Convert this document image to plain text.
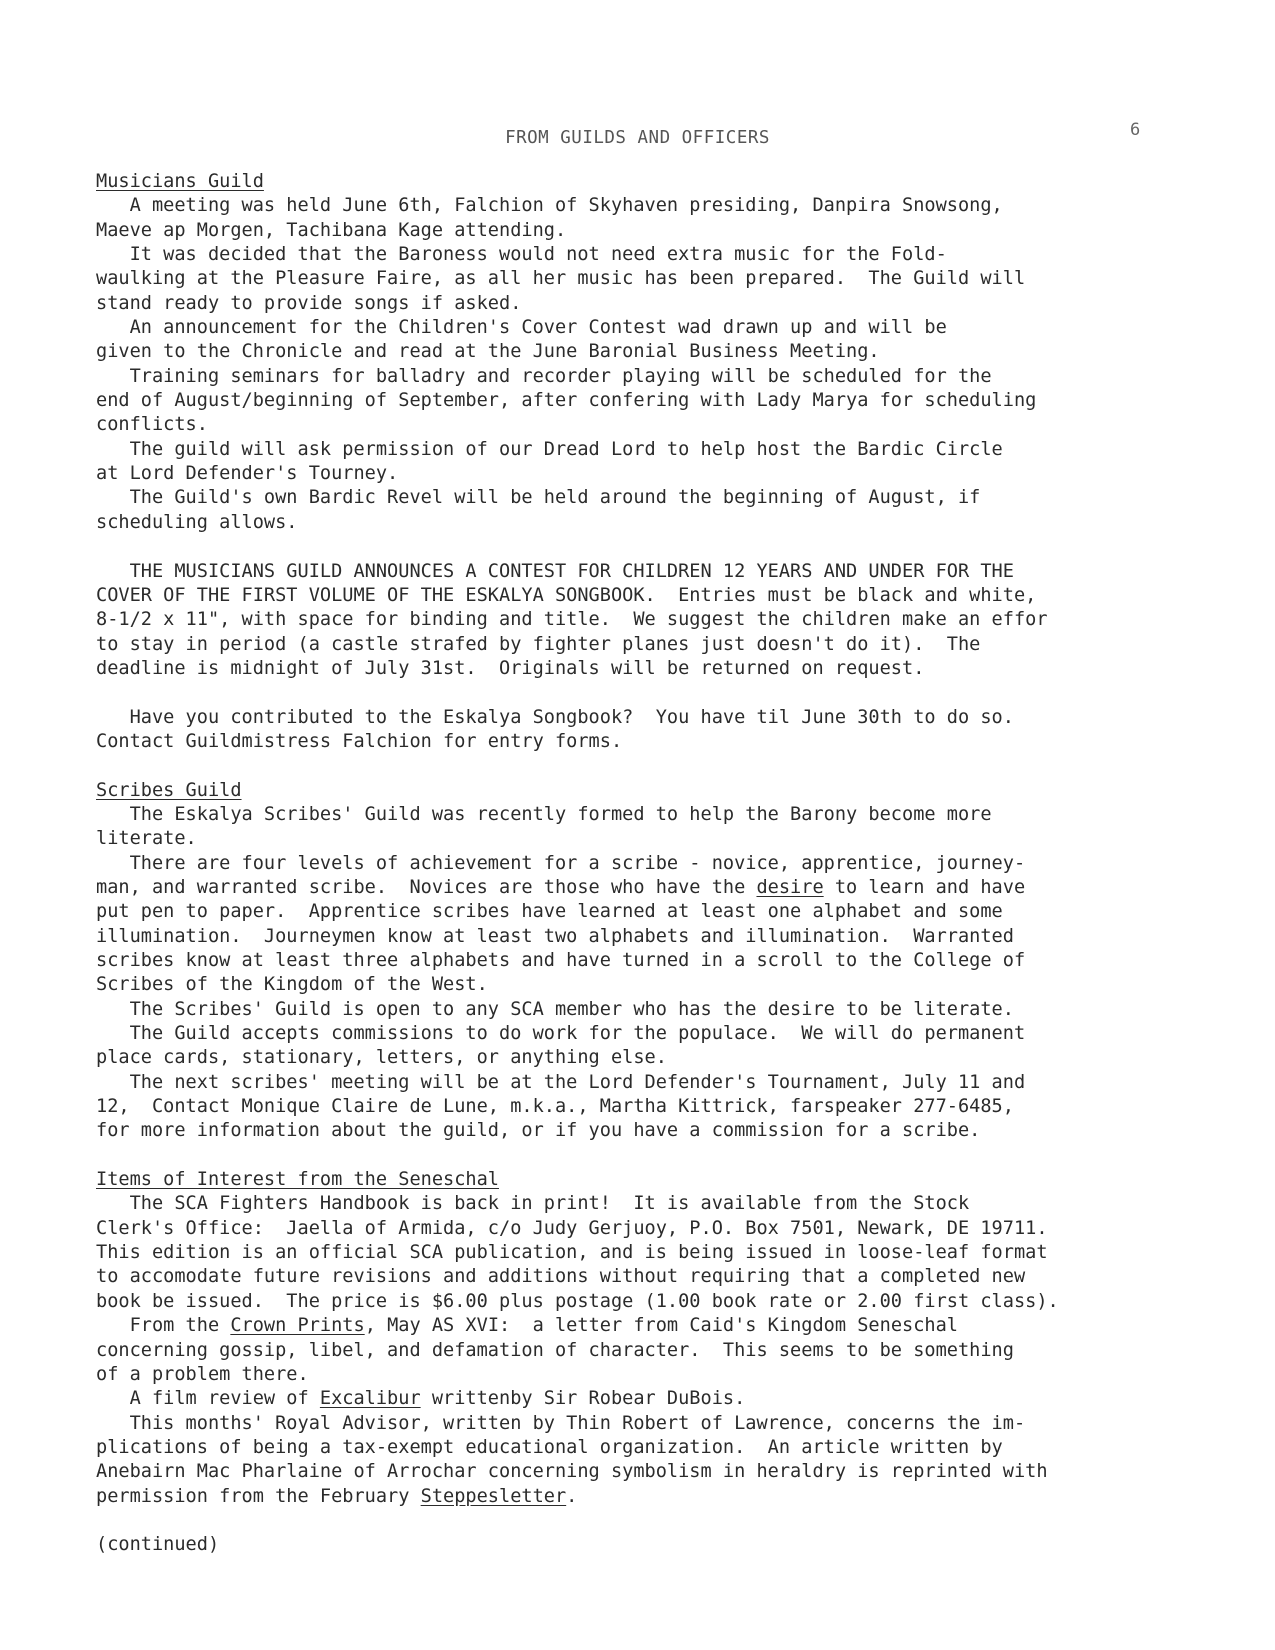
FROM GUILDS AND OFFICERS	6
Musicians Guild
A meeting was held June 6th, Falchion of Skyhaven presiding, Danpira Snowsong,
Maeve ap Morgen, Tachibana Kage attending.
It was decided that the Baroness would not need extra music for the Fold-
waulking at the Pleasure Faire, as all her music has been prepared.  The Guild will
stand ready to provide songs if asked.
An announcement for the Children's Cover Contest wad drawn up and will be
given to the Chronicle and read at the June Baronial Business Meeting.
Training seminars for balladry and recorder playing will be scheduled for the
end of August/beginning of September, after confering with Lady Marya for scheduling
conflicts.
The guild will ask permission of our Dread Lord to help host the Bardic Circle
at Lord Defender's Tourney.
The Guild's own Bardic Revel will be held around the beginning of August, if
scheduling allows.
THE MUSICIANS GUILD ANNOUNCES A CONTEST FOR CHILDREN 12 YEARS AND UNDER FOR THE
COVER OF THE FIRST VOLUME OF THE ESKALYA SONGBOOK.  Entries must be black and white,
8-1/2 x 11", with space for binding and title.  We suggest the children make an effor
to stay in period (a castle strafed by fighter planes just doesn't do it).  The
deadline is midnight of July 31st.  Originals will be returned on request.
Have you contributed to the Eskalya Songbook?  You have til June 30th to do so.
Contact Guildmistress Falchion for entry forms.
Scribes Guild
The Eskalya Scribes' Guild was recently formed to help the Barony become more
literate.
There are four levels of achievement for a scribe - novice, apprentice, journey-
man, and warranted scribe.  Novices are those who have the desire to learn and have
put pen to paper.  Apprentice scribes have learned at least one alphabet and some
illumination.  Journeymen know at least two alphabets and illumination.  Warranted
scribes know at least three alphabets and have turned in a scroll to the College of
Scribes of the Kingdom of the West.
The Scribes' Guild is open to any SCA member who has the desire to be literate.
The Guild accepts commissions to do work for the populace.  We will do permanent
place cards, stationary, letters, or anything else.
The next scribes' meeting will be at the Lord Defender's Tournament, July 11 and
12,  Contact Monique Claire de Lune, m.k.a., Martha Kittrick, farspeaker 277-6485,
for more information about the guild, or if you have a commission for a scribe.
Items of Interest from the Seneschal
The SCA Fighters Handbook is back in print!  It is available from the Stock
Clerk's Office:  Jaella of Armida, c/o Judy Gerjuoy, P.O. Box 7501, Newark, DE 19711.
This edition is an official SCA publication, and is being issued in loose-leaf format
to accomodate future revisions and additions without requiring that a completed new
book be issued.  The price is $6.00 plus postage (1.00 book rate or 2.00 first class).
From the Crown Prints, May AS XVI:  a letter from Caid's Kingdom Seneschal
concerning gossip, libel, and defamation of character.  This seems to be something
of a problem there.
A film review of Excalibur writtenby Sir Robear DuBois.
This months' Royal Advisor, written by Thin Robert of Lawrence, concerns the im-
plications of being a tax-exempt educational organization.  An article written by
Anebairn Mac Pharlaine of Arrochar concerning symbolism in heraldry is reprinted with
permission from the February Steppesletter.
(continued)
